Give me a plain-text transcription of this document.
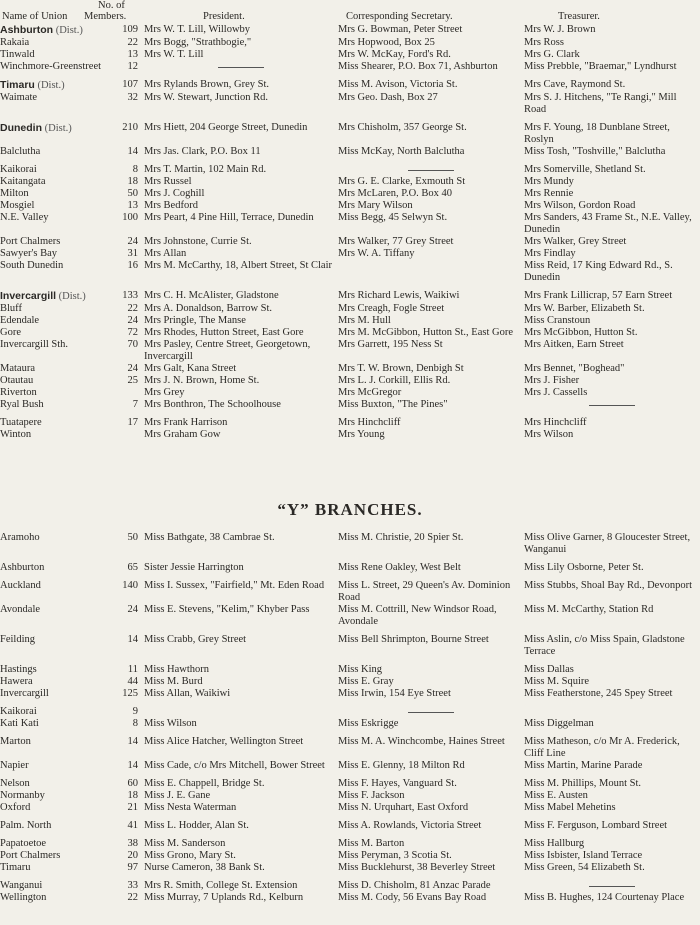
No. of
Name of Union Members.	President.	Corresponding Secretary.	Treasurer.
Ashburton (Dist.)	109	Mrs W. T. Lill, Willowby	Mrs G. Bowman, Peter Street	Mrs W. J. Brown
Rakaia	22	Mrs Bogg, "Strathbogie,"	Mrs Hopwood, Box 25	Mrs Ross
Tinwald	13	Mrs W. T. Lill	Mrs W. McKay, Ford's Rd.	Mrs G. Clark
Winchmore-Greenstreet	12		Miss Shearer, P.O. Box 71, Ashburton	Miss Prebble, "Braemar," Lyndhurst

Timaru (Dist.)	107	Mrs Rylands Brown, Grey St.	Miss M. Avison, Victoria St.	Mrs Cave, Raymond St.
Waimate	32	Mrs W. Stewart, Junction Rd.	Mrs Geo. Dash, Box 27	Mrs S. J. Hitchens, "Te Rangi," Mill Road

Dunedin (Dist.)	210	Mrs Hiett, 204 George Street, Dunedin	Mrs Chisholm, 357 George St.	Mrs F. Young, 18 Dunblane Street, Roslyn
Balclutha	14	Mrs Jas. Clark, P.O. Box 11	Miss McKay, North Balclutha	Miss Tosh, "Toshville," Balclutha

Kaikorai	8	Mrs T. Martin, 102 Main Rd.		Mrs Somerville, Shetland St.
Kaitangata	18	Mrs Russel	Mrs G. E. Clarke, Exmouth St	Mrs Mundy
Milton	50	Mrs J. Coghill	Mrs McLaren, P.O. Box 40	Mrs Rennie
Mosgiel	13	Mrs Bedford	Mrs Mary Wilson	Mrs Wilson, Gordon Road
N.E. Valley	100	Mrs Peart, 4 Pine Hill, Terrace, Dunedin	Miss Begg, 45 Selwyn St.	Mrs Sanders, 43 Frame St., N.E. Valley, Dunedin
Port Chalmers	24	Mrs Johnstone, Currie St.	Mrs Walker, 77 Grey Street	Mrs Walker, Grey Street
Sawyer's Bay	31	Mrs Allan	Mrs W. A. Tiffany	Mrs Findlay
South Dunedin	16	Mrs M. McCarthy, 18, Albert Street, St Clair		Miss Reid, 17 King Edward Rd., S. Dunedin

Invercargill (Dist.)	133	Mrs C. H. McAlister, Gladstone	Mrs Richard Lewis, Waikiwi	Mrs Frank Lillicrap, 57 Earn Street
Bluff	22	Mrs A. Donaldson, Barrow St.	Mrs Creagh, Fogle Street	Mrs W. Barber, Elizabeth St.
Edendale	24	Mrs Pringle, The Manse	Mrs M. Hull	Miss Cranstoun
Gore	72	Mrs Rhodes, Hutton Street, East Gore	Mrs M. McGibbon, Hutton St., East Gore	Mrs McGibbon, Hutton St.
Invercargill Sth.	70	Mrs Pasley, Centre Street, Georgetown, Invercargill	Mrs Garrett, 195 Ness St	Mrs Aitken, Earn Street
Mataura	24	Mrs Galt, Kana Street	Mrs T. W. Brown, Denbigh St	Mrs Bennet, "Boghead"
Otautau	25	Mrs J. N. Brown, Home St.	Mrs L. J. Corkill, Ellis Rd.	Mrs J. Fisher
Riverton		Mrs Grey	Mrs McGregor	Mrs J. Cassells
Ryal Bush	7	Mrs Bonthron, The Schoolhouse	Miss Buxton, "The Pines"	

Tuatapere	17	Mrs Frank Harrison	Mrs Hinchcliff	Mrs Hinchcliff
Winton		Mrs Graham Gow	Mrs Young	Mrs Wilson
“Y” BRANCHES.
Aramoho	50	Miss Bathgate, 38 Cambrae St.	Miss M. Christie, 20 Spier St.	Miss Olive Garner, 8 Gloucester Street, Wanganui

Ashburton	65	Sister Jessie Harrington	Miss Rene Oakley, West Belt	Miss Lily Osborne, Peter St.

Auckland	140	Miss I. Sussex, "Fairfield," Mt. Eden Road	Miss L. Street, 29 Queen's Av. Dominion Road	Miss Stubbs, Shoal Bay Rd., Devonport
Avondale	24	Miss E. Stevens, "Kelim," Khyber Pass	Miss M. Cottrill, New Windsor Road, Avondale	Miss M. McCarthy, Station Rd

Feilding	14	Miss Crabb, Grey Street	Miss Bell Shrimpton, Bourne Street	Miss Aslin, c/o Miss Spain, Gladstone Terrace

Hastings	11	Miss Hawthorn	Miss King	Miss Dallas
Hawera	44	Miss M. Burd	Miss E. Gray	Miss M. Squire
Invercargill	125	Miss Allan, Waikiwi	Miss Irwin, 154 Eye Street	Miss Featherstone, 245 Spey Street

Kaikorai	9		

Kati Kati	8	Miss Wilson	Miss Eskrigge	Miss Diggelman

Marton	14	Miss Alice Hatcher, Wellington Street	Miss M. A. Winchcombe, Haines Street	Miss Matheson, c/o Mr A. Frederick, Cliff Line
Napier	14	Miss Cade, c/o Mrs Mitchell, Bower Street	Miss E. Glenny, 18 Milton Rd	Miss Martin, Marine Parade

Nelson	60	Miss E. Chappell, Bridge St.	Miss F. Hayes, Vanguard St.	Miss M. Phillips, Mount St.
Normanby	18	Miss J. E. Gane	Miss F. Jackson	Miss E. Austen
Oxford	21	Miss Nesta Waterman	Miss N. Urquhart, East Oxford	Miss Mabel Mehetins

Palm. North	41	Miss L. Hodder, Alan St.	Miss A. Rowlands, Victoria Street	Miss F. Ferguson, Lombard Street

Papatoetoe	38	Miss M. Sanderson	Miss M. Barton	Miss Hallburg
Port Chalmers	20	Miss Grono, Mary St.	Miss Peryman, 3 Scotia St.	Miss Isbister, Island Terrace
Timaru	97	Nurse Cameron, 38 Bank St.	Miss Bucklehurst, 38 Beverley Street	Miss Green, 54 Elizabeth St.

Wanganui	33	Mrs R. Smith, College St. Extension	Miss D. Chisholm, 81 Anzac Parade	

Wellington	22	Miss Murray, 7 Uplands Rd., Kelburn	Miss M. Cody, 56 Evans Bay Road	Miss B. Hughes, 124 Courtenay Place
